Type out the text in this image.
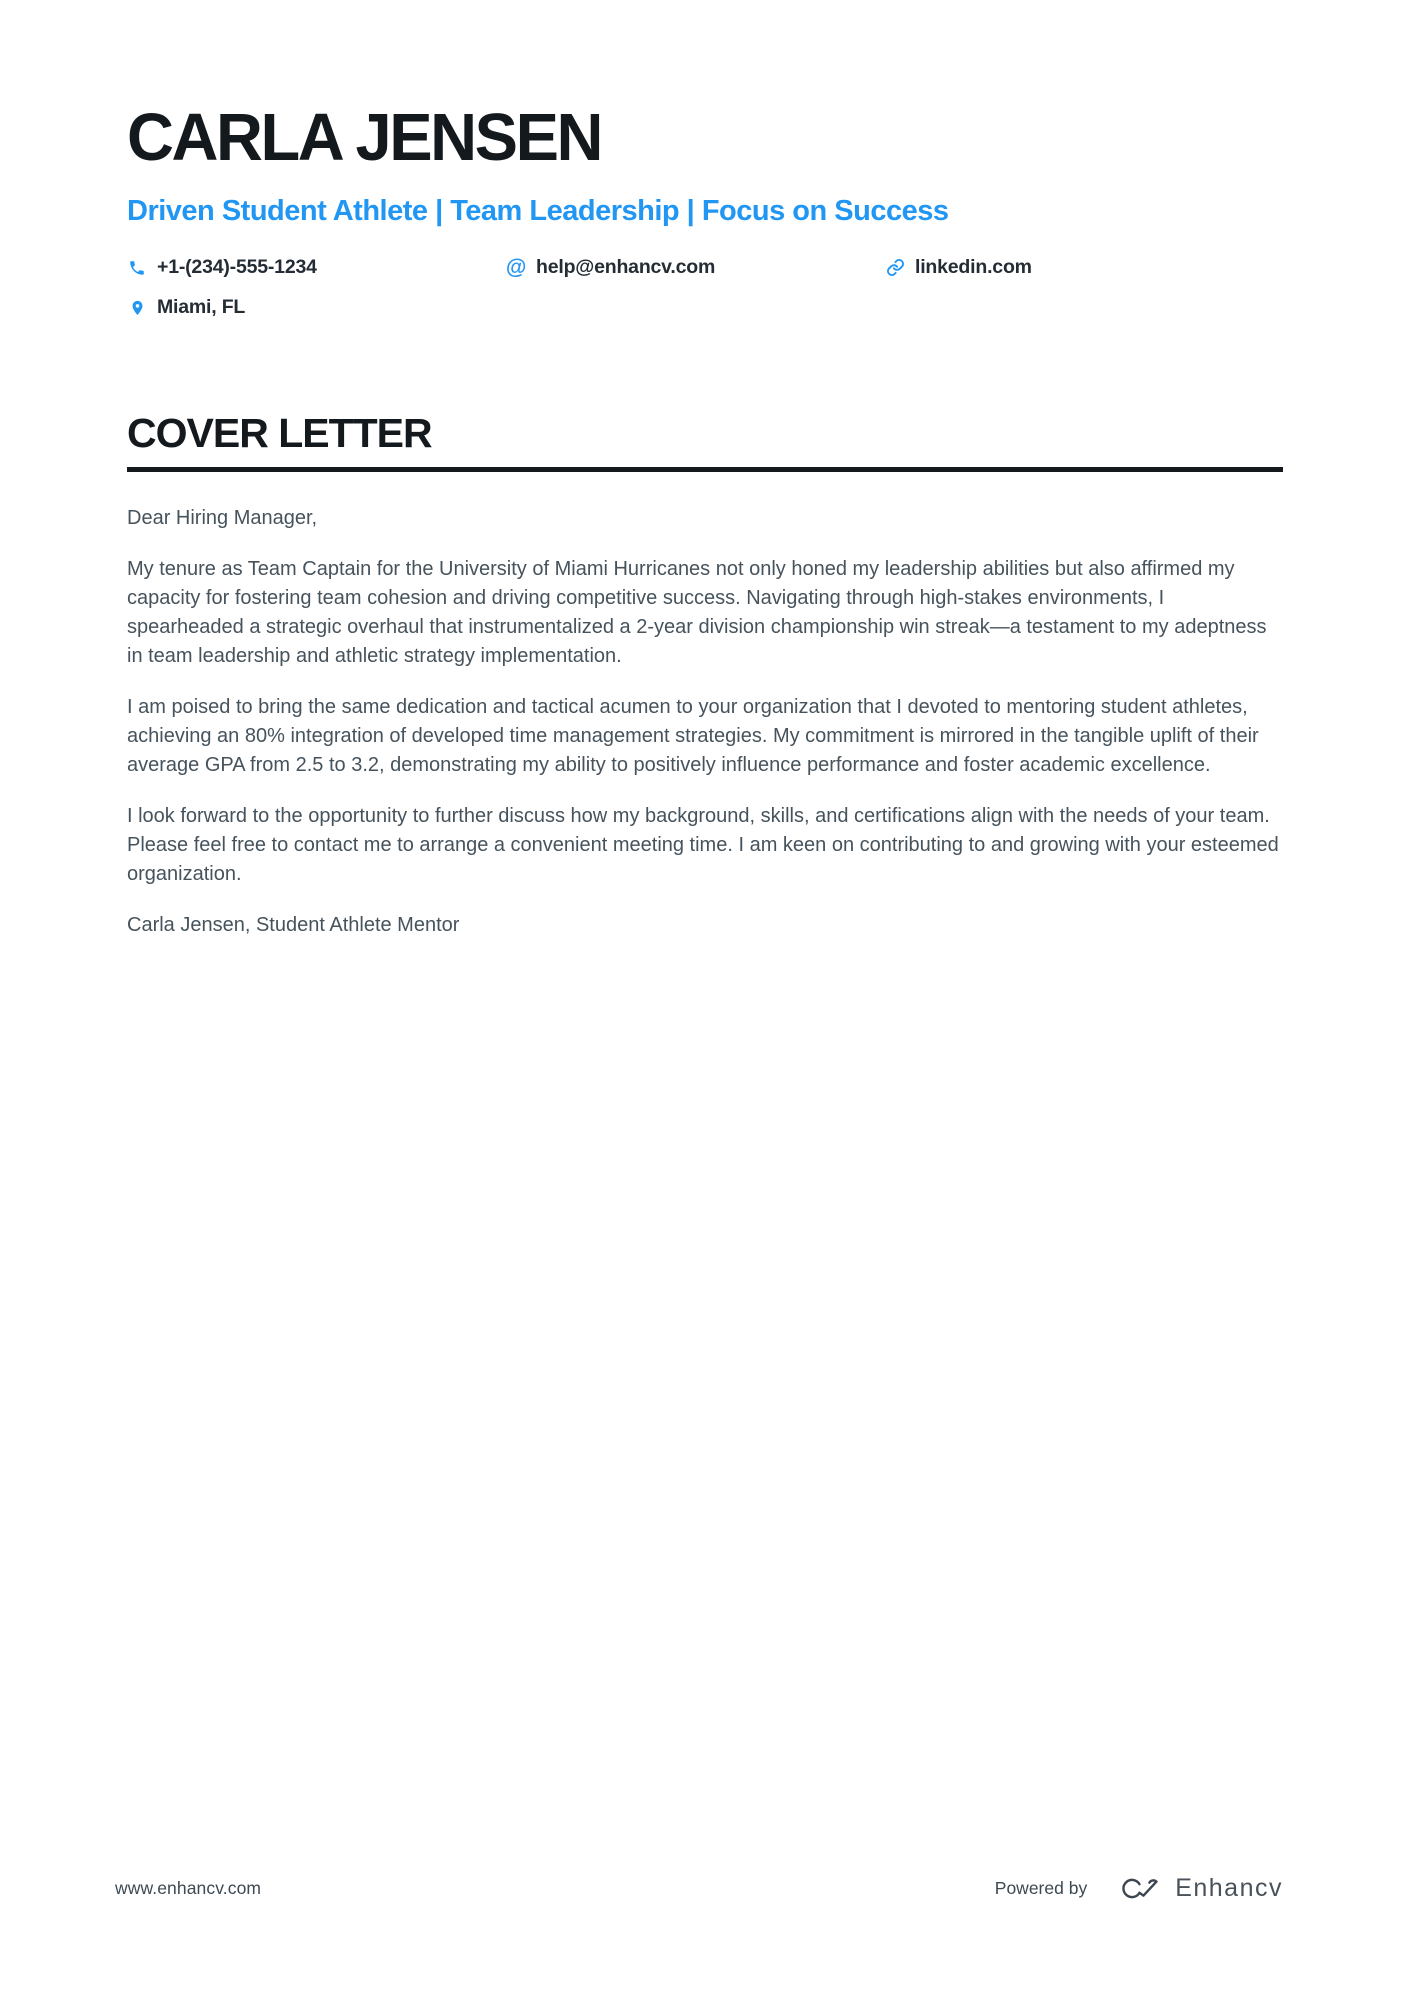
CARLA JENSEN
Driven Student Athlete | Team Leadership | Focus on Success
+1-(234)-555-1234	@ help@enhancv.com	linkedin.com
Miami, FL
COVER LETTER

Dear Hiring Manager,

My tenure as Team Captain for the University of Miami Hurricanes not only honed my leadership abilities but also affirmed my capacity for fostering team cohesion and driving competitive success. Navigating through high-stakes environments, I spearheaded a strategic overhaul that instrumentalized a 2-year division championship win streak—a testament to my adeptness in team leadership and athletic strategy implementation.

I am poised to bring the same dedication and tactical acumen to your organization that I devoted to mentoring student athletes, achieving an 80% integration of developed time management strategies. My commitment is mirrored in the tangible uplift of their average GPA from 2.5 to 3.2, demonstrating my ability to positively influence performance and foster academic excellence.

I look forward to the opportunity to further discuss how my background, skills, and certifications align with the needs of your team. Please feel free to contact me to arrange a convenient meeting time. I am keen on contributing to and growing with your esteemed organization.

Carla Jensen, Student Athlete Mentor

www.enhancv.com	Powered by	Enhancv
